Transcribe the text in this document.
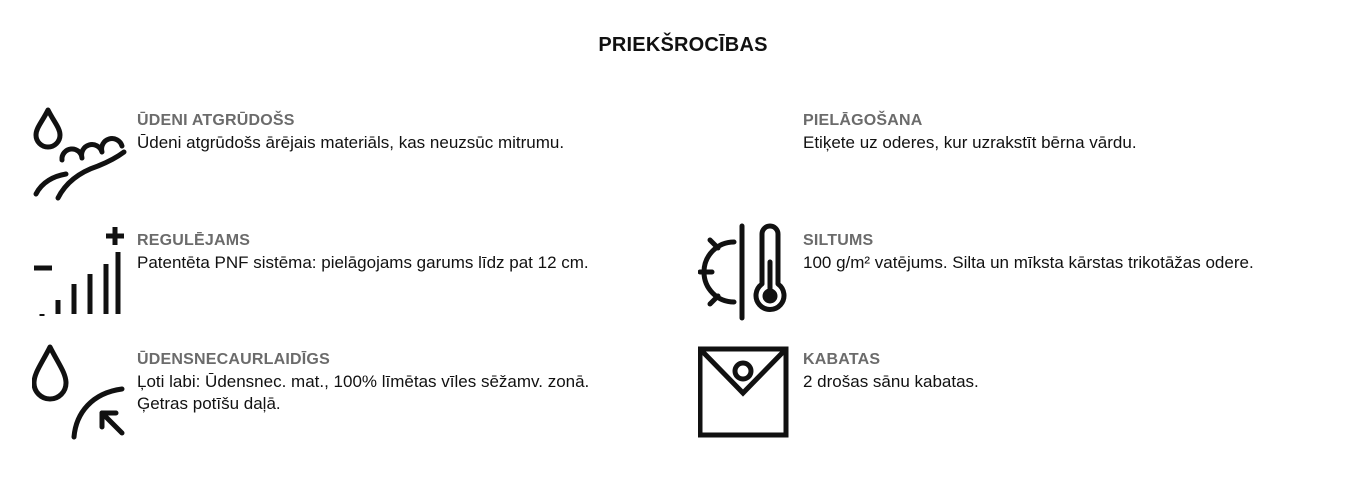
PRIEKŠROCĪBAS
ŪDENI ATGRŪDOŠS
Ūdeni atgrūdošs ārējais materiāls, kas neuzsūc mitrumu.
PIELĀGOŠANA
Etiķete uz oderes, kur uzrakstīt bērna vārdu.
REGULĒJAMS
Patentēta PNF sistēma: pielāgojams garums līdz pat 12 cm.
SILTUMS
100 g/m² vatējums. Silta un mīksta kārstas trikotāžas odere.
ŪDENSNECAURLAIDĪGS
Ļoti labi: Ūdensnec. mat., 100% līmētas vīles sēžamv. zonā.
Ģetras potīšu daļā.
KABATAS
2 drošas sānu kabatas.
